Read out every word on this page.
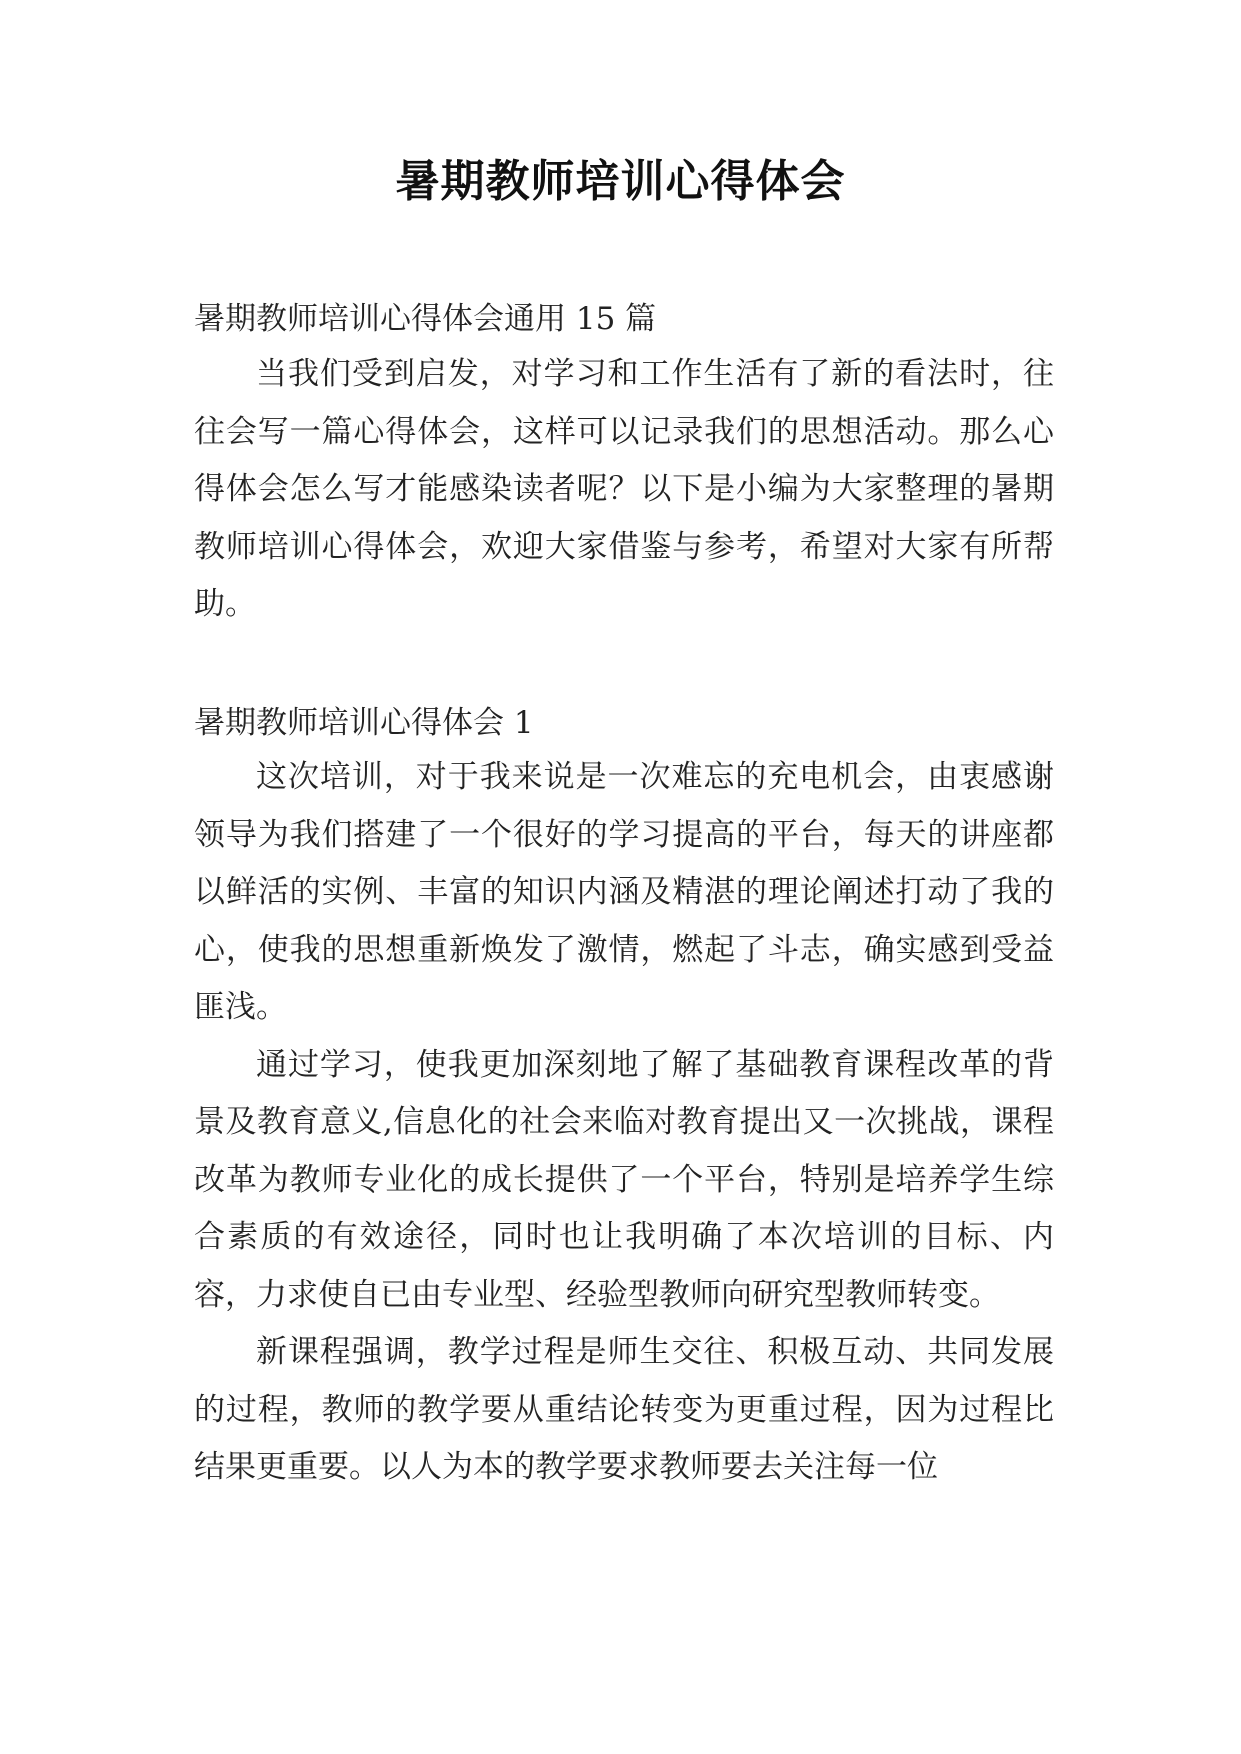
暑期教师培训心得体会
暑期教师培训心得体会通用 15 篇

当我们受到启发，对学习和工作生活有了新的看法时，往往会写一篇心得体会，这样可以记录我们的思想活动。那么心得体会怎么写才能感染读者呢？以下是小编为大家整理的暑期教师培训心得体会，欢迎大家借鉴与参考，希望对大家有所帮助。

暑期教师培训心得体会 1

这次培训，对于我来说是一次难忘的充电机会，由衷感谢领导为我们搭建了一个很好的学习提高的平台，每天的讲座都以鲜活的实例、丰富的知识内涵及精湛的理论阐述打动了我的心，使我的思想重新焕发了激情，燃起了斗志，确实感到受益匪浅。

通过学习，使我更加深刻地了解了基础教育课程改革的背景及教育意义,信息化的社会来临对教育提出又一次挑战，课程改革为教师专业化的成长提供了一个平台，特别是培养学生综合素质的有效途径，同时也让我明确了本次培训的目标、内容，力求使自已由专业型、经验型教师向研究型教师转变。

新课程强调，教学过程是师生交往、积极互动、共同发展的过程，教师的教学要从重结论转变为更重过程，因为过程比结果更重要。以人为本的教学要求教师要去关注每一位
